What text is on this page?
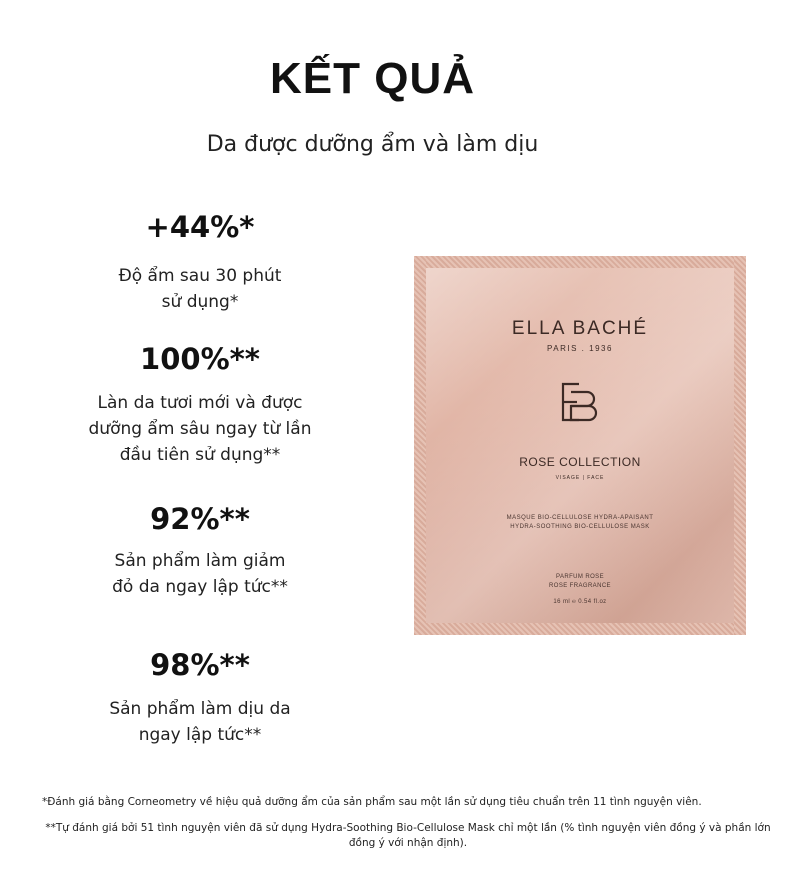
KẾT QUẢ

Da được dưỡng ẩm và làm dịu

+44%*
Độ ẩm sau 30 phút sử dụng*
100%**
Làn da tươi mới và được dưỡng ẩm sâu ngay từ lần đầu tiên sử dụng**
92%**
Sản phẩm làm giảm đỏ da ngay lập tức**
98%**
Sản phẩm làm dịu da ngay lập tức**
ELLA BACHÉ
PARIS . 1936
ROSE COLLECTION
VISAGE | FACE
MASQUE BIO-CELLULOSE HYDRA-APAISANT
HYDRA-SOOTHING BIO-CELLULOSE MASK
PARFUM ROSE
ROSE FRAGRANCE
16 ml ℮ 0.54 fl.oz

*Đánh giá bằng Corneometry về hiệu quả dưỡng ẩm của sản phẩm sau một lần sử dụng tiêu chuẩn trên 11 tình nguyện viên.

**Tự đánh giá bởi 51 tình nguyện viên đã sử dụng Hydra-Soothing Bio-Cellulose Mask chỉ một lần (% tình nguyện viên đồng ý và phần lớn đồng ý với nhận định).
